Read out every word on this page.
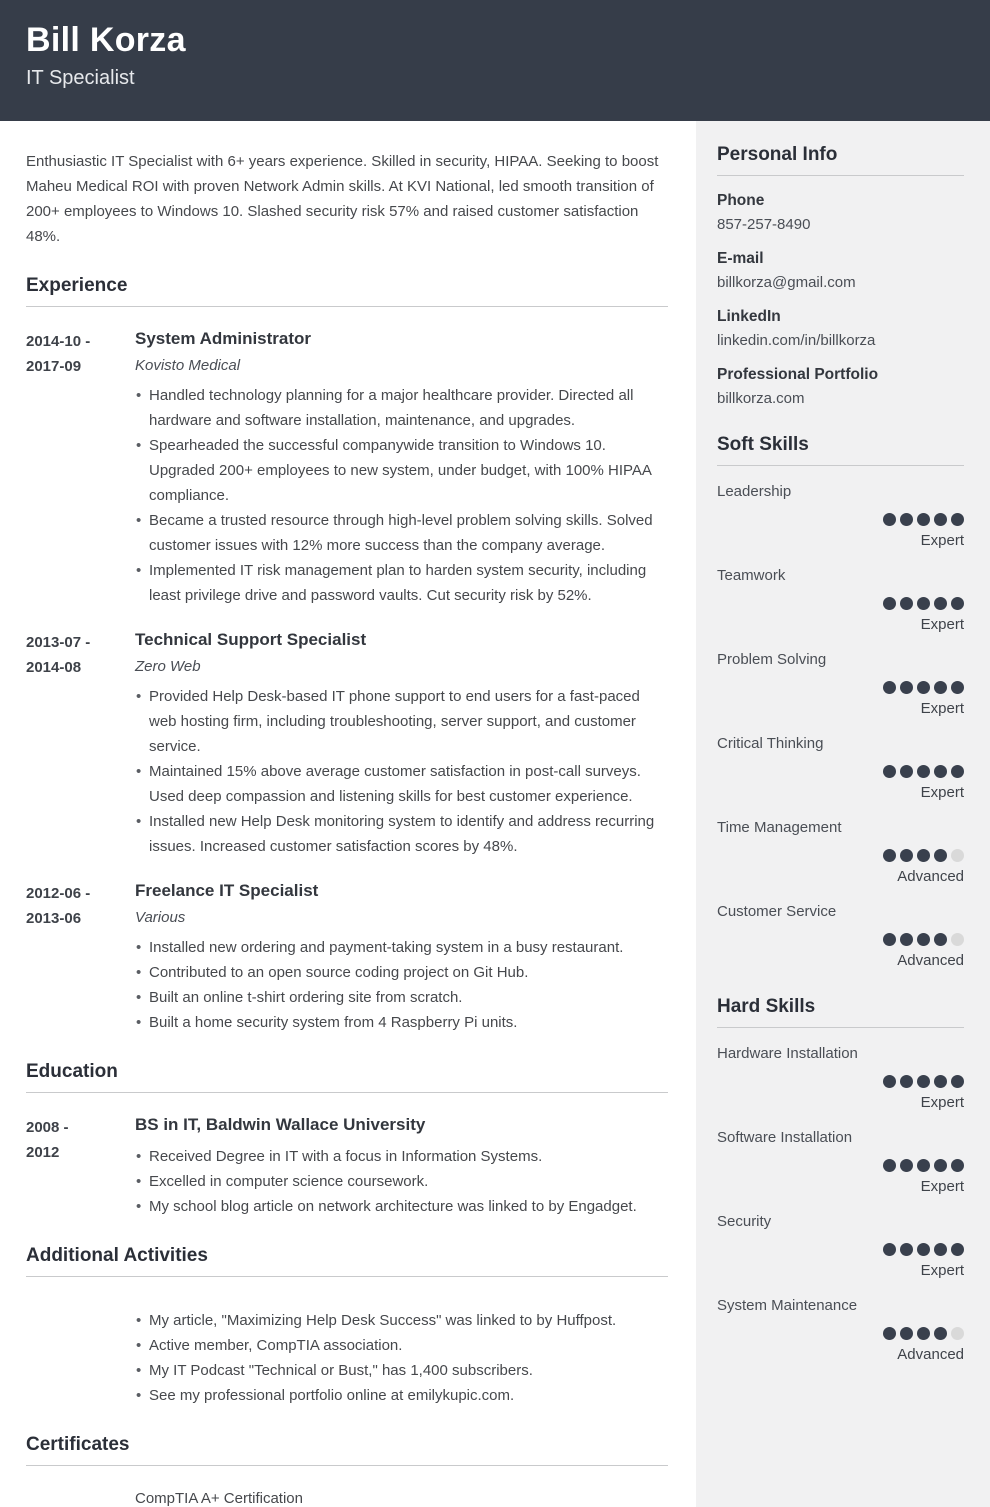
Bill Korza
IT Specialist

Enthusiastic IT Specialist with 6+ years experience. Skilled in security, HIPAA. Seeking to boost Maheu Medical ROI with proven Network Admin skills. At KVI National, led smooth transition of 200+ employees to Windows 10. Slashed security risk 57% and raised customer satisfaction 48%.

Experience
2014-10 -
2017-09
System Administrator
Kovisto Medical
• Handled technology planning for a major healthcare provider. Directed all hardware and software installation, maintenance, and upgrades.
• Spearheaded the successful companywide transition to Windows 10. Upgraded 200+ employees to new system, under budget, with 100% HIPAA compliance.
• Became a trusted resource through high-level problem solving skills. Solved customer issues with 12% more success than the company average.
• Implemented IT risk management plan to harden system security, including least privilege drive and password vaults. Cut security risk by 52%.
2013-07 -
2014-08
Technical Support Specialist
Zero Web
• Provided Help Desk-based IT phone support to end users for a fast-paced web hosting firm, including troubleshooting, server support, and customer service.
• Maintained 15% above average customer satisfaction in post-call surveys. Used deep compassion and listening skills for best customer experience.
• Installed new Help Desk monitoring system to identify and address recurring issues. Increased customer satisfaction scores by 48%.
2012-06 -
2013-06
Freelance IT Specialist
Various
• Installed new ordering and payment-taking system in a busy restaurant.
• Contributed to an open source coding project on Git Hub.
• Built an online t-shirt ordering site from scratch.
• Built a home security system from 4 Raspberry Pi units.
Education
2008 -
2012
BS in IT, Baldwin Wallace University
• Received Degree in IT with a focus in Information Systems.
• Excelled in computer science coursework.
• My school blog article on network architecture was linked to by Engadget.
Additional Activities
• My article, "Maximizing Help Desk Success" was linked to by Huffpost.
• Active member, CompTIA association.
• My IT Podcast "Technical or Bust," has 1,400 subscribers.
• See my professional portfolio online at emilykupic.com.
Certificates
CompTIA A+ Certification
Personal Info
Phone
857-257-8490
E-mail
billkorza@gmail.com
LinkedIn
linkedin.com/in/billkorza
Professional Portfolio
billkorza.com
Soft Skills
Leadership
Expert
Teamwork
Expert
Problem Solving
Expert
Critical Thinking
Expert
Time Management
Advanced
Customer Service
Advanced
Hard Skills
Hardware Installation
Expert
Software Installation
Expert
Security
Expert
System Maintenance
Advanced
